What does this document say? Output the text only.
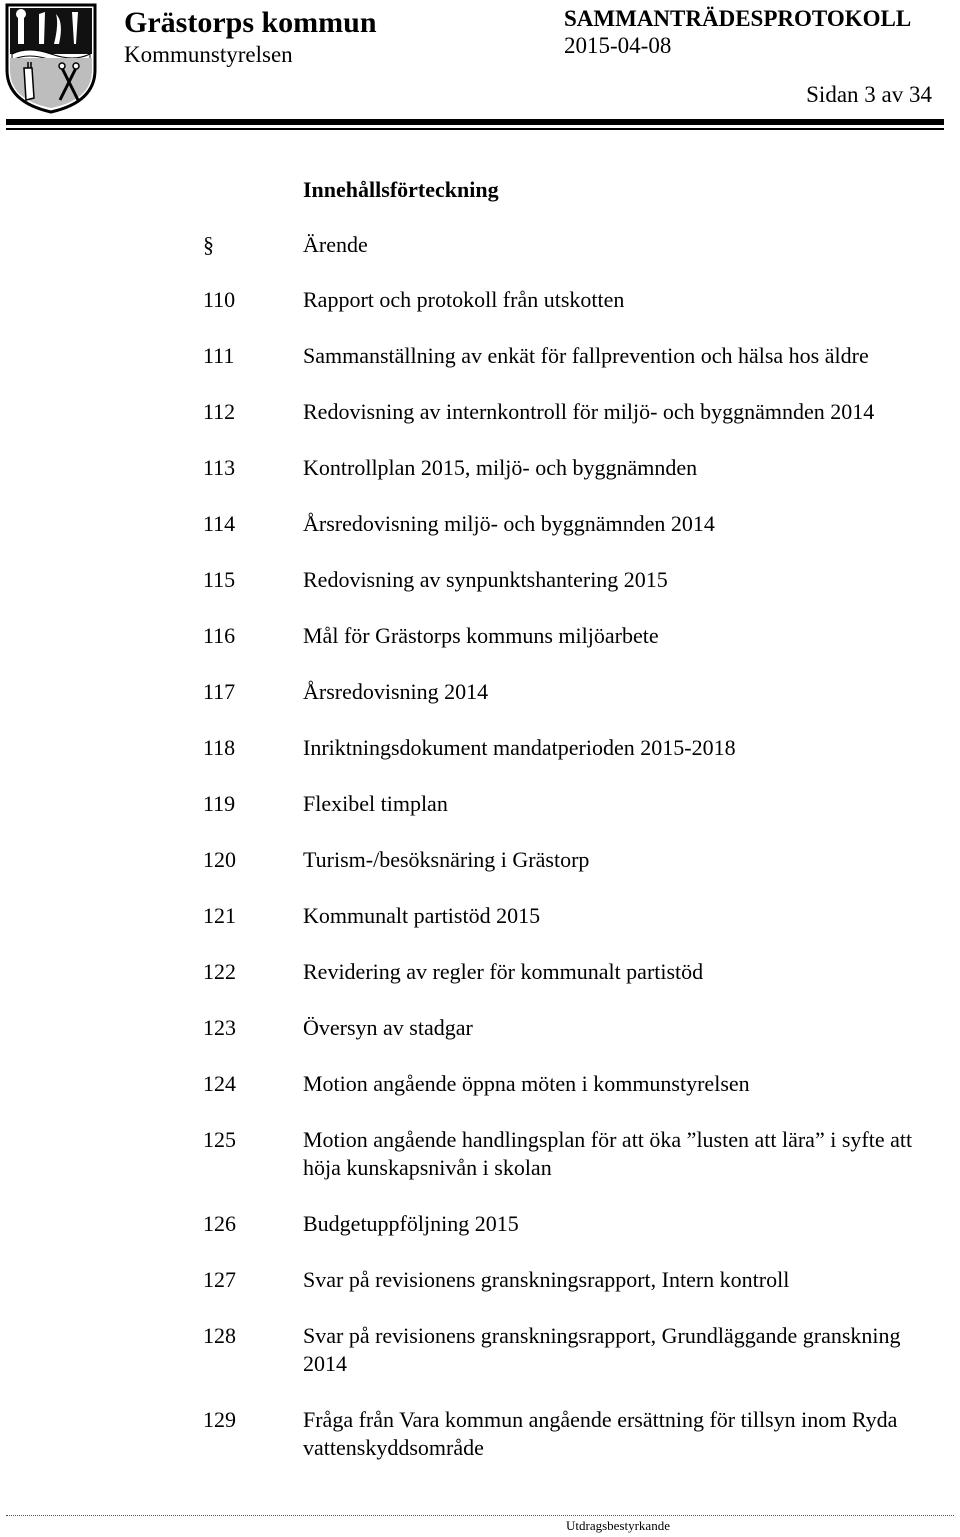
Grästorps kommun
Kommunstyrelsen
SAMMANTRÄDESPROTOKOLL
2015-04-08
Sidan 3 av 34
Innehållsförteckning
§	Ärende
110	Rapport och protokoll från utskotten
111	Sammanställning av enkät för fallprevention och hälsa hos äldre
112	Redovisning av internkontroll för miljö- och byggnämnden 2014
113	Kontrollplan 2015, miljö- och byggnämnden
114	Årsredovisning miljö- och byggnämnden 2014
115	Redovisning av synpunktshantering 2015
116	Mål för Grästorps kommuns miljöarbete
117	Årsredovisning 2014
118	Inriktningsdokument mandatperioden 2015-2018
119	Flexibel timplan
120	Turism-/besöksnäring i Grästorp
121	Kommunalt partistöd 2015
122	Revidering av regler för kommunalt partistöd
123	Översyn av stadgar
124	Motion angående öppna möten i kommunstyrelsen
125	Motion angående handlingsplan för att öka ”lusten att lära” i syfte att höja kunskapsnivån i skolan
126	Budgetuppföljning 2015
127	Svar på revisionens granskningsrapport, Intern kontroll
128	Svar på revisionens granskningsrapport, Grundläggande granskning 2014
129	Fråga från Vara kommun angående ersättning för tillsyn inom Ryda vattenskyddsområde
Utdragsbestyrkande
